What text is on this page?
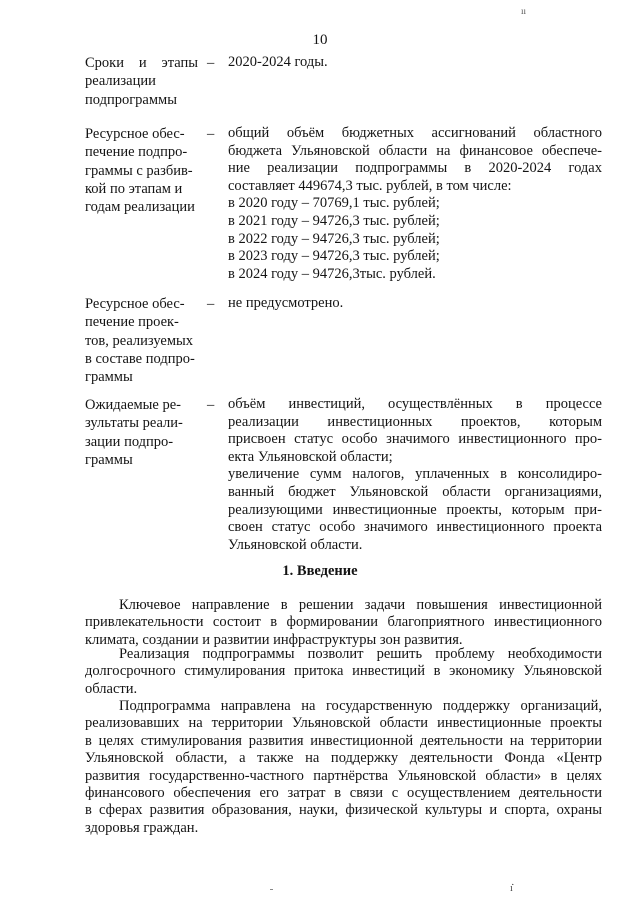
ıı
10
Сроки и этапы
реализации
подпрограммы
– 2020-2024 годы.
Ресурсное обес-
печение подпро-
граммы с разбив-
кой по этапам и
годам реализации
– общий объём бюджетных ассигнований областного
бюджета Ульяновской области на финансовое обеспече-
ние реализации подпрограммы в 2020-2024 годах
составляет 449674,3 тыс. рублей, в том числе:
в 2020 году – 70769,1 тыс. рублей;
в 2021 году – 94726,3 тыс. рублей;
в 2022 году – 94726,3 тыс. рублей;
в 2023 году – 94726,3 тыс. рублей;
в 2024 году – 94726,3тыс. рублей.
Ресурсное обес-
печение проек-
тов, реализуемых
в составе подпро-
граммы
– не предусмотрено.
Ожидаемые ре-
зультаты реали-
зации подпро-
граммы
– объём инвестиций, осуществлённых в процессе
реализации инвестиционных проектов, которым
присвоен статус особо значимого инвестиционного про-
екта Ульяновской области;
увеличение сумм налогов, уплаченных в консолидиро-
ванный бюджет Ульяновской области организациями,
реализующими инвестиционные проекты, которым при-
своен статус особо значимого инвестиционного проекта
Ульяновской области.
1. Введение
Ключевое направление в решении задачи повышения инвестиционной
привлекательности состоит в формировании благоприятного инвестиционного
климата, создании и развитии инфраструктуры зон развития.
Реализация подпрограммы позволит решить проблему необходимости
долгосрочного стимулирования притока инвестиций в экономику Ульяновской
области.
Подпрограмма направлена на государственную поддержку организаций,
реализовавших на территории Ульяновской области инвестиционные проекты
в целях стимулирования развития инвестиционной деятельности на территории
Ульяновской области, а также на поддержку деятельности Фонда «Центр
развития государственно-частного партнёрства Ульяновской области» в целях
финансового обеспечения его затрат в связи с осуществлением деятельности
в сферах развития образования, науки, физической культуры и спорта, охраны
здоровья граждан.
ı̇̇
